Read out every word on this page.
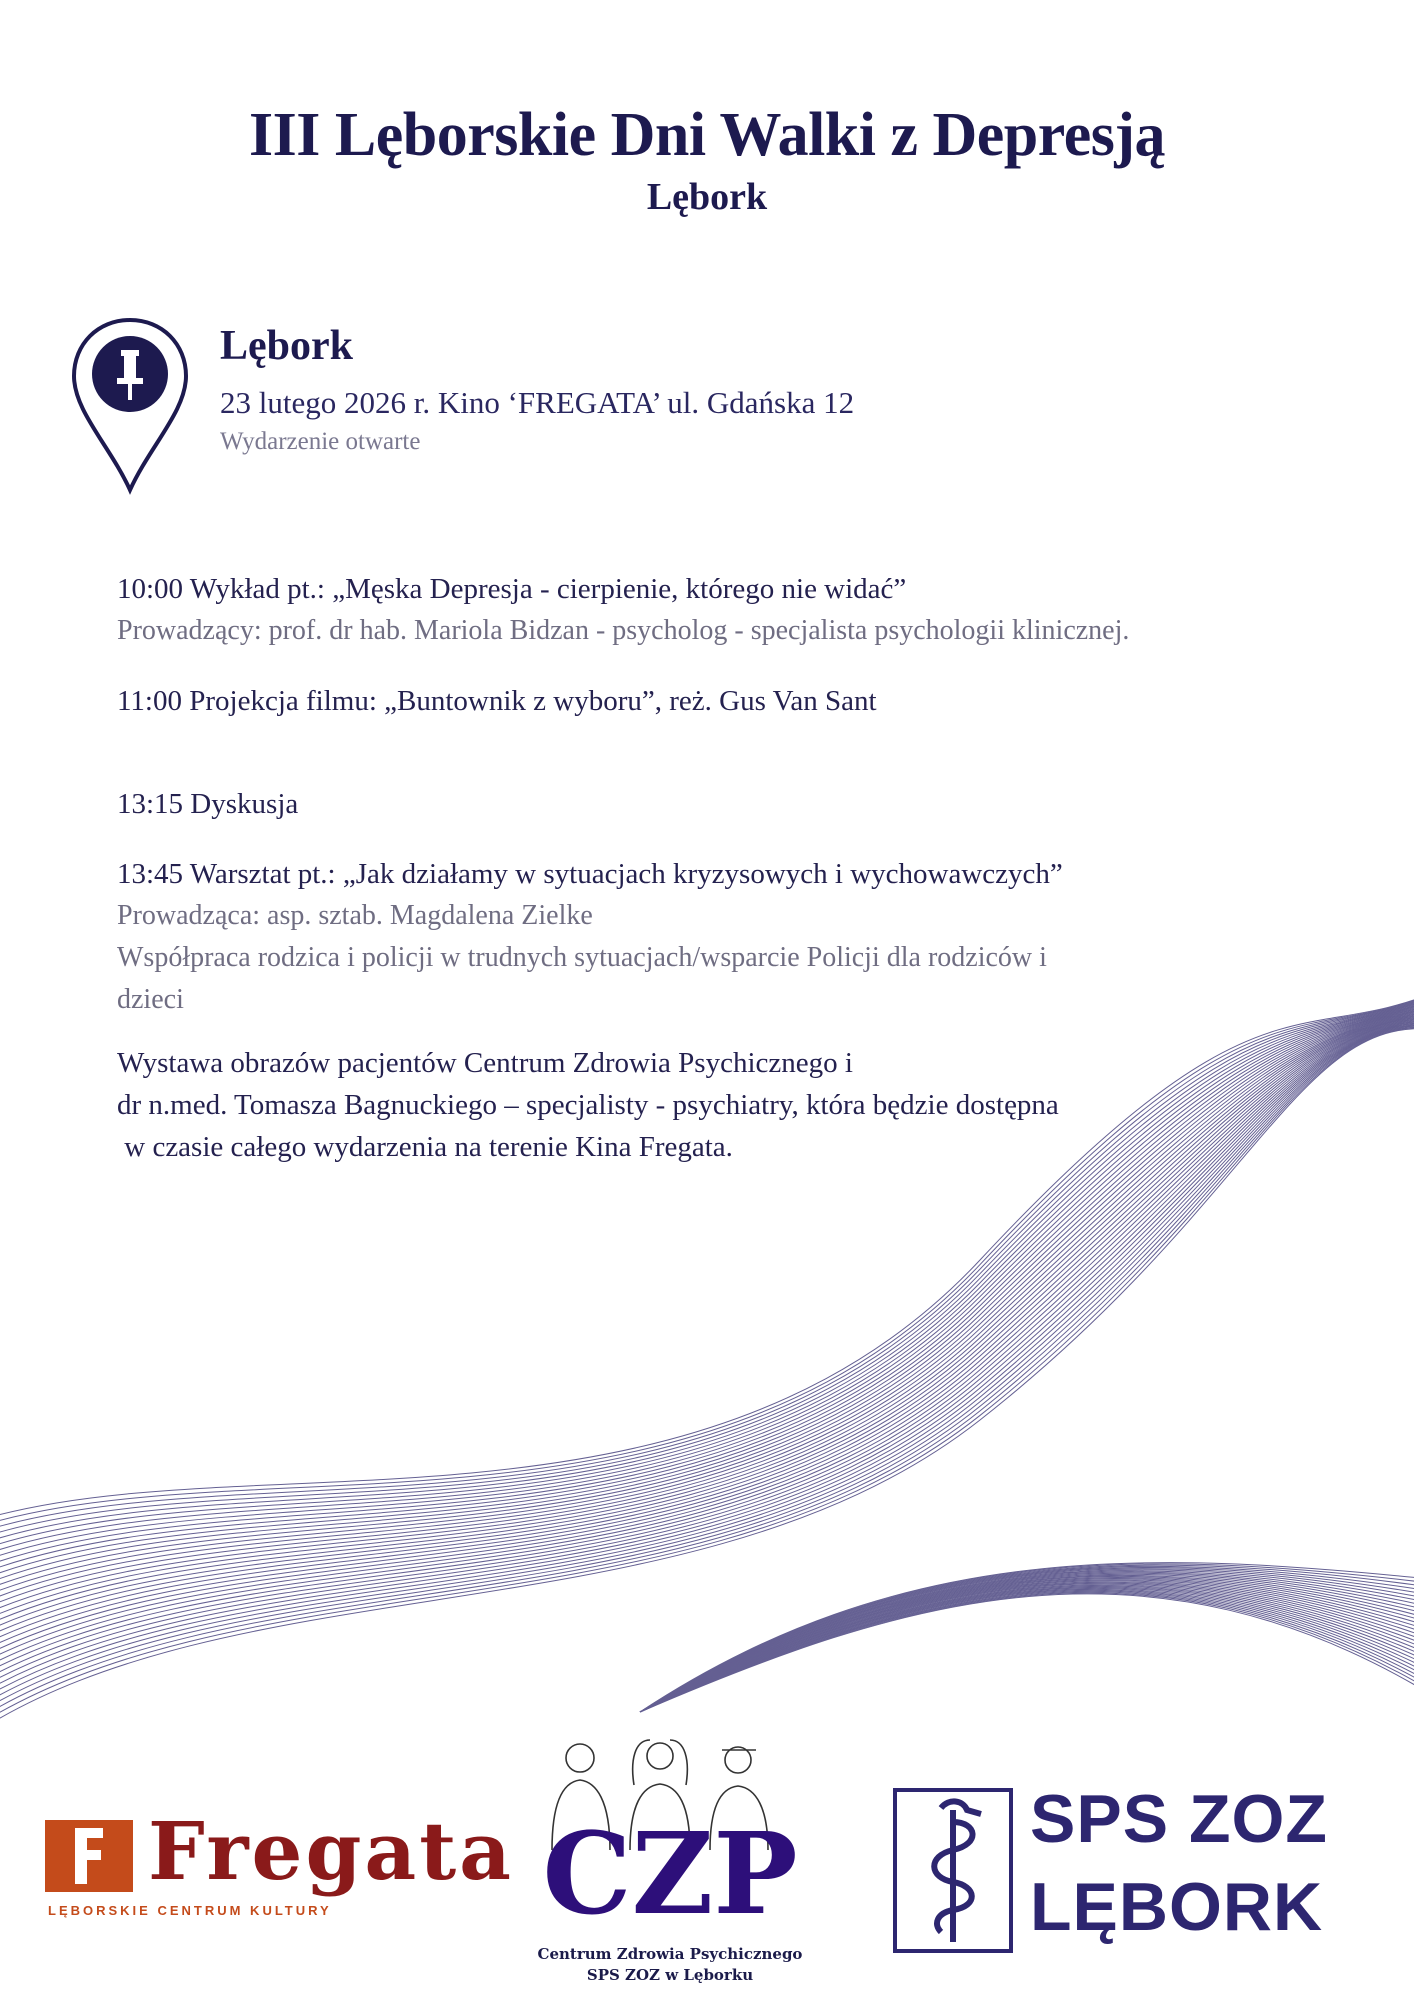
III Lęborskie Dni Walki z Depresją
Lębork
Lębork
23 lutego 2026 r. Kino ‘FREGATA’ ul. Gdańska 12
Wydarzenie otwarte
10:00 Wykład pt.: „Męska Depresja - cierpienie, którego nie widać”
Prowadzący: prof. dr hab. Mariola Bidzan - psycholog - specjalista psychologii klinicznej.
11:00 Projekcja filmu: „Buntownik z wyboru”, reż. Gus Van Sant
13:15 Dyskusja
13:45 Warsztat pt.: „Jak działamy w sytuacjach kryzysowych i wychowawczych”
Prowadząca: asp. sztab. Magdalena Zielke
Współpraca rodzica i policji w trudnych sytuacjach/wsparcie Policji dla rodziców i
dzieci
Wystawa obrazów pacjentów Centrum Zdrowia Psychicznego i
dr n.med. Tomasza Bagnuckiego – specjalisty - psychiatry, która będzie dostępna
w czasie całego wydarzenia na terenie Kina Fregata.
Fregata
LĘBORSKIE CENTRUM KULTURY CZP
Centrum Zdrowia Psychicznego
SPS ZOZ w Lęborku
SPS ZOZ
LĘBORK
